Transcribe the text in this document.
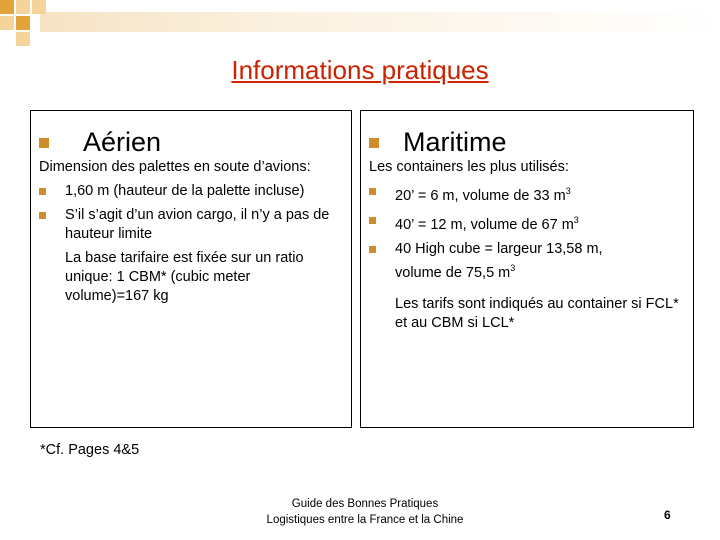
Informations pratiques
Aérien
Dimension des palettes en soute d’avions:
1,60 m (hauteur de la palette incluse)
S’il s’agit d’un avion cargo, il n’y a pas de hauteur limite
La base tarifaire est fixée sur un ratio unique: 1 CBM* (cubic meter volume)=167 kg
Maritime
Les containers les plus utilisés:
20’ = 6 m, volume de 33 $m^3$
40’ = 12 m, volume de 67 $m^3$
40 High cube = largeur 13,58 m, volume de 75,5 $m^3$
Les tarifs sont indiqués au container si FCL* et au CBM si LCL*
*Cf. Pages 4&5
Guide des Bonnes Pratiques
Logistiques entre la France et la Chine	6
